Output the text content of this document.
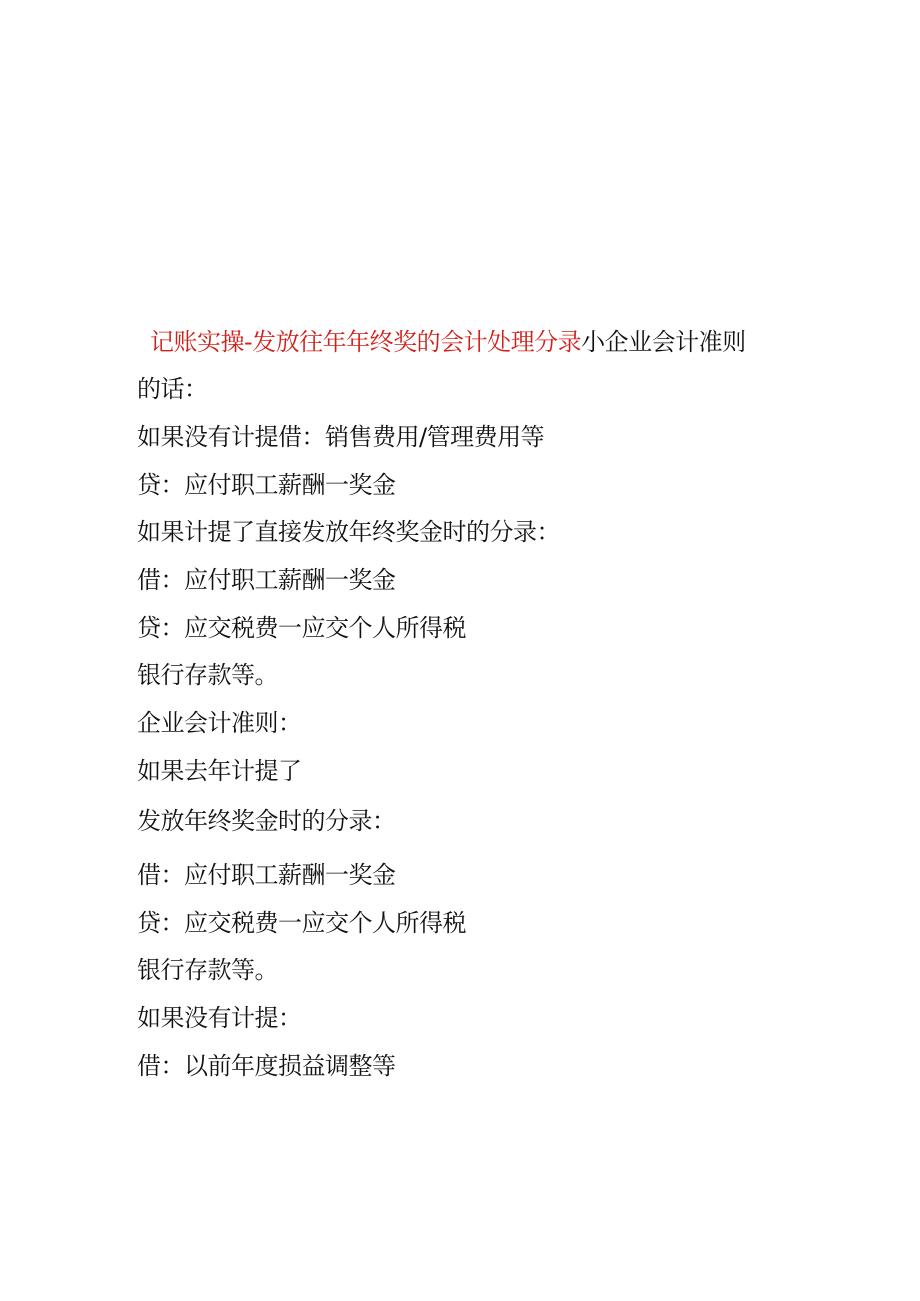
记账实操-发放往年年终奖的会计处理分录小企业会计准则
的话：
如果没有计提借：销售费用/管理费用等
贷：应付职工薪酬一奖金
如果计提了直接发放年终奖金时的分录：
借：应付职工薪酬一奖金
贷：应交税费一应交个人所得税
银行存款等。
企业会计准则：
如果去年计提了
发放年终奖金时的分录：
借：应付职工薪酬一奖金
贷：应交税费一应交个人所得税
银行存款等。
如果没有计提：
借：以前年度损益调整等
